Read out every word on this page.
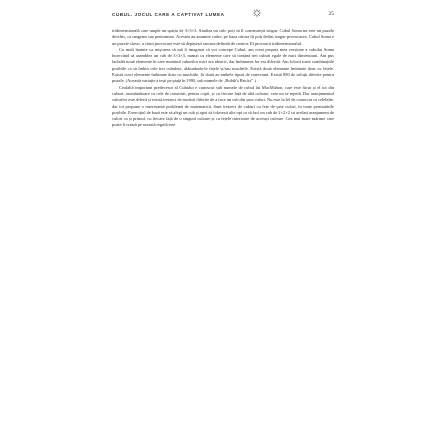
CUBUL. JOCUL CARE A CAPTIVAT LUMEA	25

tridimensională care umple un spațiu de 3×3×3. Analiza un cub: poți să îl construiești singur. Cubul Soma nu este un puzzle deschis, ca tangram sau pentomino. Acestea au anumite cadre, pe baza cărora îți poți defini singur provocarea. Cubul Soma e un puzzle clasic, a cărui provocare este să depășești sarcina definită de creator. El provoacă tridimensionalul.

Cu mult înainte ca mișcarea să mă fi imaginat că voi concepe Cubul, am creat propria mea versiune a cubului Soma încercând să asamblez un cub de 3×3×3, numai cu elemente care să conțină trei cuburi egale de mici dimensiuni. Am pus laolaltă nouă elemente în care numărul cuburilor mici era identic, dar îmbinarea lor era diferită. Am folosit toate combinațiile posibile ca să îmbin cele trei cubulețe, alăturându-le fețele și/sau muchiile. Există două elemente îmbinate doar cu fețele. Există cinci elemente îmbinate doar cu muchiile. Și două au ambele tipuri de conexiuni. Există 880 de soluții diferite pentru puzzle. (Această variație a ieșit pe piață în 1990, sub numele de „Rubik's Bricks”.)

Cealaltă important predecesor al Cubului e cunoscut sub numele de cubul lui MacMahon, care este făcut și el tot din cuburi, asemănătoare cu cele de construit, pentru copii, și cu fiecare față de altă culoare, care nu se repetă. Dar aranjamentul culorilor este diferit și există treizeci de moduri diferite de a face un cub din șase culori. Nu este la fel de cunoscut ca celelalte, dar tot propune o interesantă problemă de matematică. Sunt treizeci de cuburi cu fețe de șase culori, în toate permutările posibile. Exercițiul de bază este să alegi un cub și apoi să folosești alte opt ca să faci un cub de 2×2×2 cu același aranjament de culori ca și primul, cu fiecare față de o singură culoare și cu fețele interioare de aceeași culoare. Cea mai mare mărime care poate fi creată pe această regulă este
